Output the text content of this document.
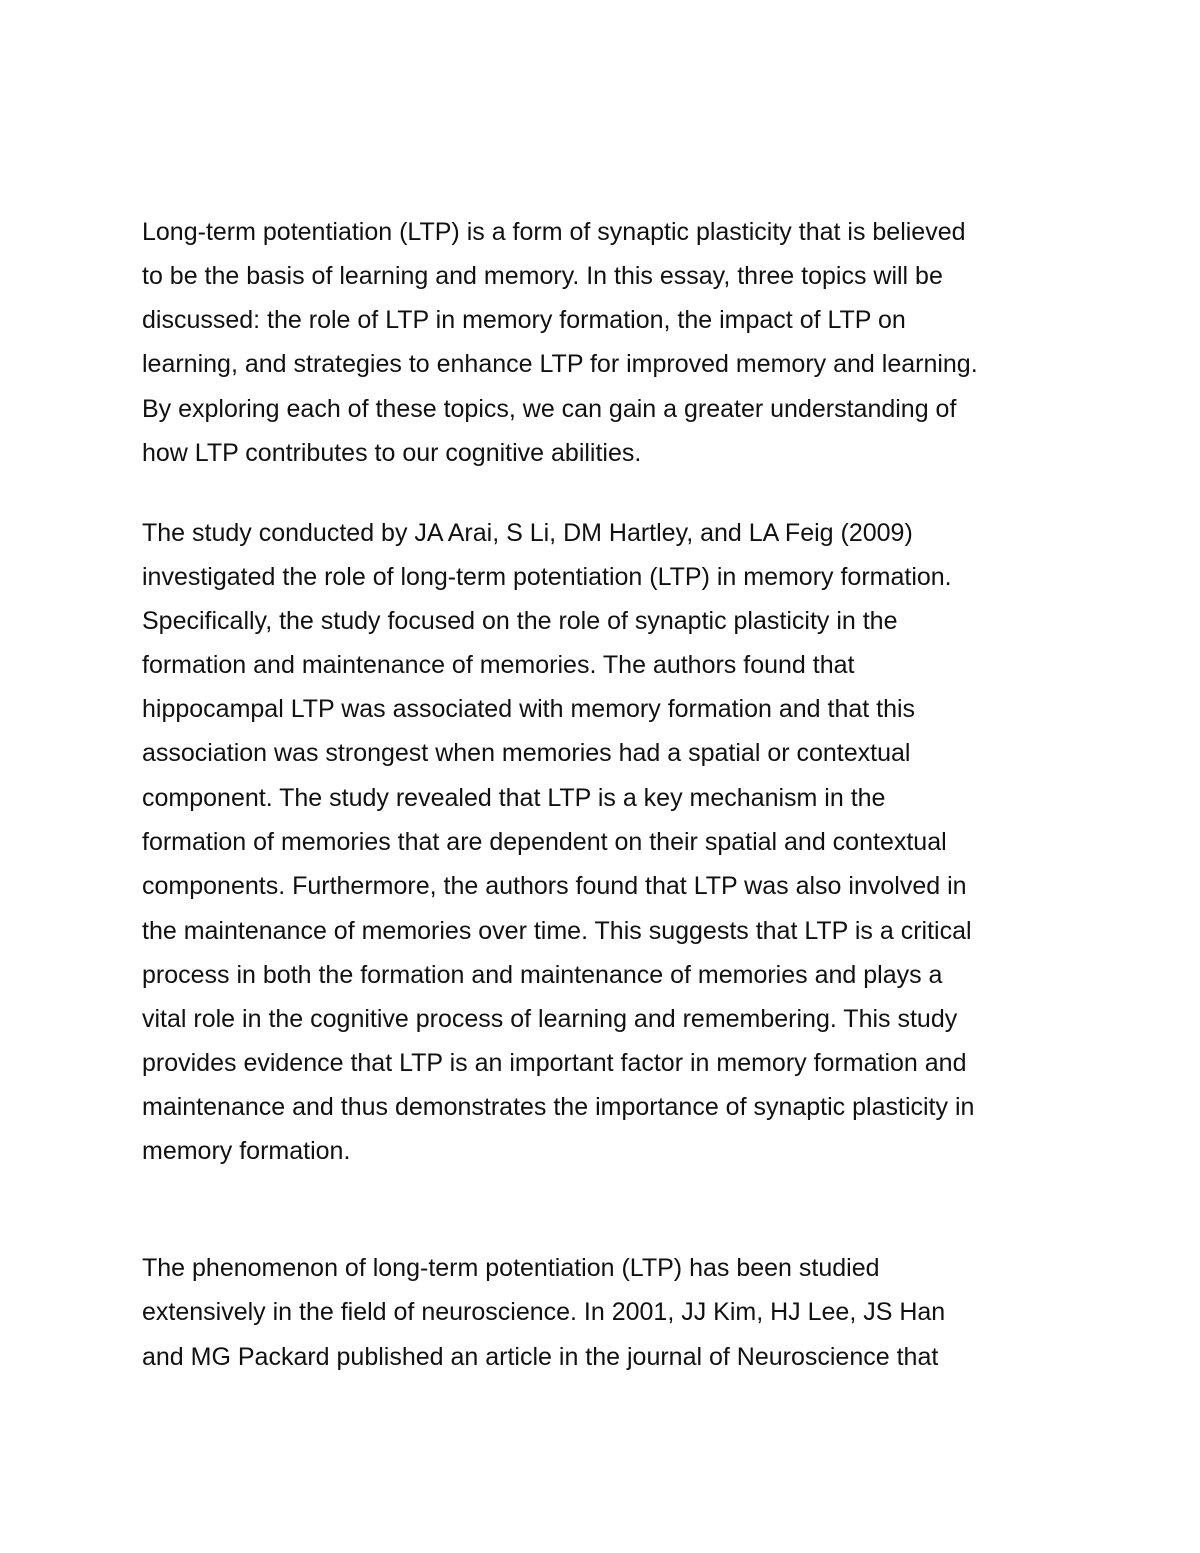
Long-term potentiation (LTP) is a form of synaptic plasticity that is believed

to be the basis of learning and memory. In this essay, three topics will be

discussed: the role of LTP in memory formation, the impact of LTP on

learning, and strategies to enhance LTP for improved memory and learning.

By exploring each of these topics, we can gain a greater understanding of

how LTP contributes to our cognitive abilities.

The study conducted by JA Arai, S Li, DM Hartley, and LA Feig (2009)

investigated the role of long-term potentiation (LTP) in memory formation.

Specifically, the study focused on the role of synaptic plasticity in the

formation and maintenance of memories. The authors found that

hippocampal LTP was associated with memory formation and that this

association was strongest when memories had a spatial or contextual

component. The study revealed that LTP is a key mechanism in the

formation of memories that are dependent on their spatial and contextual

components. Furthermore, the authors found that LTP was also involved in

the maintenance of memories over time. This suggests that LTP is a critical

process in both the formation and maintenance of memories and plays a

vital role in the cognitive process of learning and remembering. This study

provides evidence that LTP is an important factor in memory formation and

maintenance and thus demonstrates the importance of synaptic plasticity in

memory formation.

The phenomenon of long-term potentiation (LTP) has been studied

extensively in the field of neuroscience. In 2001, JJ Kim, HJ Lee, JS Han

and MG Packard published an article in the journal of Neuroscience that
